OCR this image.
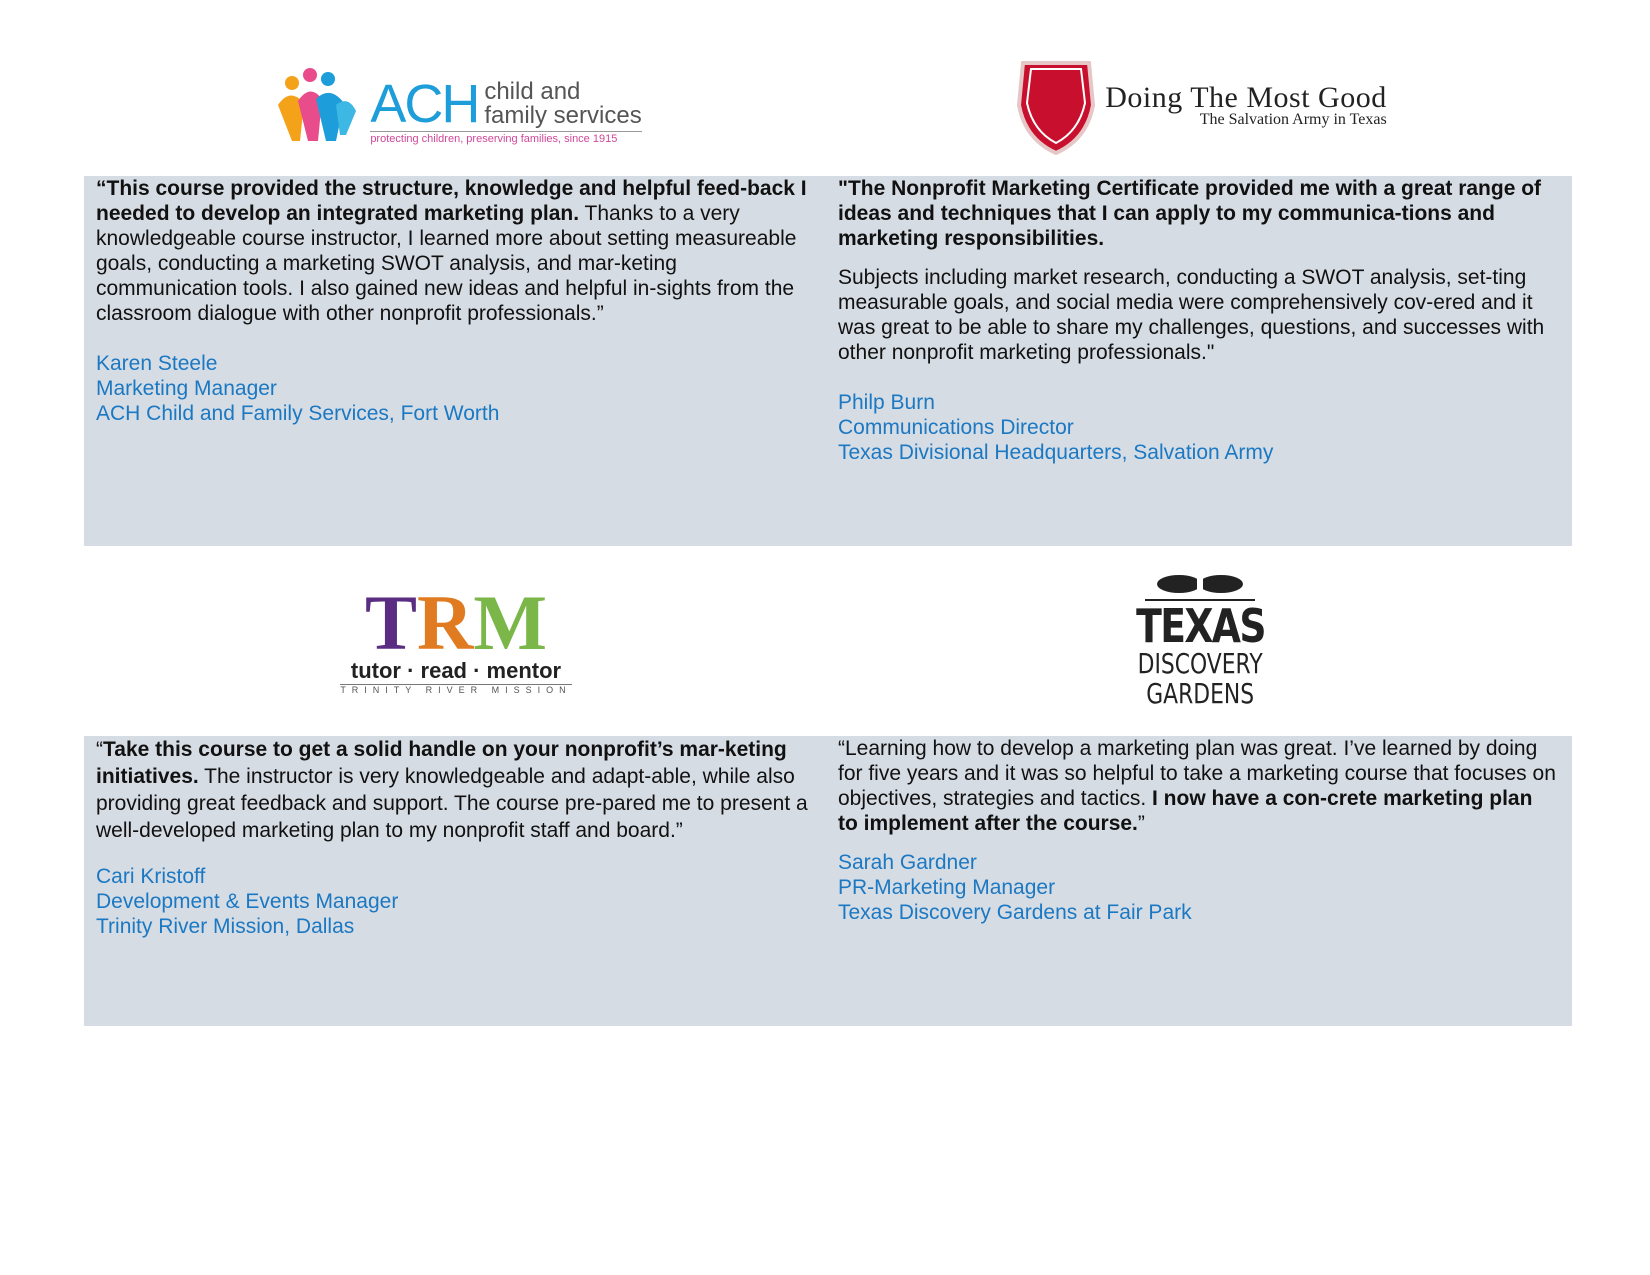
ACH child and
family services
protecting children, preserving families, since 1915
Doing The Most Good
The Salvation Army in Texas

“This course provided the structure, knowledge and helpful feed-back I needed to develop an integrated marketing plan. Thanks to a very knowledgeable course instructor, I learned more about setting measureable goals, conducting a marketing SWOT analysis, and mar-keting communication tools. I also gained new ideas and helpful in-sights from the classroom dialogue with other nonprofit professionals.”

Karen Steele
Marketing Manager
ACH Child and Family Services, Fort Worth

"The Nonprofit Marketing Certificate provided me with a great range of ideas and techniques that I can apply to my communica-tions and marketing responsibilities.

Subjects including market research, conducting a SWOT analysis, set-ting measurable goals, and social media were comprehensively cov-ered and it was great to be able to share my challenges, questions, and successes with other nonprofit marketing professionals."

Philp Burn
Communications Director
Texas Divisional Headquarters, Salvation Army
T R M
tutor · read · mentor
TRINITY RIVER MISSION
TEXAS
DISCOVERY
GARDENS

“Take this course to get a solid handle on your nonprofit’s mar-keting initiatives. The instructor is very knowledgeable and adapt-able, while also providing great feedback and support. The course pre-pared me to present a well-developed marketing plan to my nonprofit staff and board.”

Cari Kristoff
Development & Events Manager
Trinity River Mission, Dallas

“Learning how to develop a marketing plan was great. I’ve learned by doing for five years and it was so helpful to take a marketing course that focuses on objectives, strategies and tactics. I now have a con-crete marketing plan to implement after the course.”

Sarah Gardner
PR-Marketing Manager
Texas Discovery Gardens at Fair Park
